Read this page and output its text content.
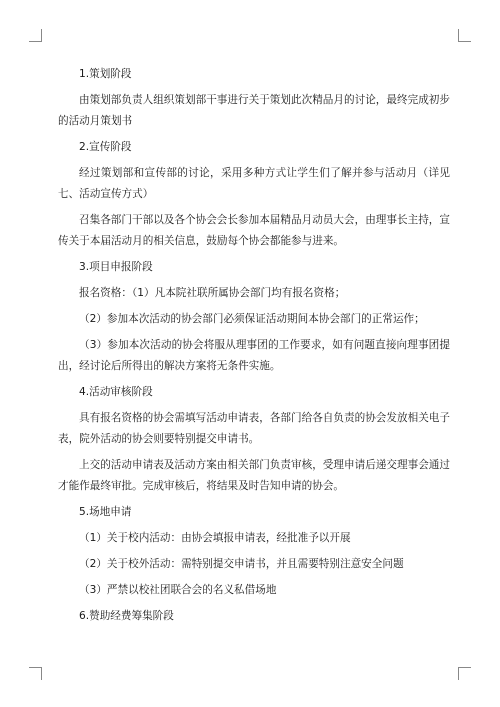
1.策划阶段

由策划部负责人组织策划部干事进行关于策划此次精品月的讨论，最终完成初步的活动月策划书

2.宣传阶段

经过策划部和宣传部的讨论，采用多种方式让学生们了解并参与活动月（详见七、活动宣传方式）

召集各部门干部以及各个协会会长参加本届精品月动员大会，由理事长主持，宣传关于本届活动月的相关信息，鼓励每个协会都能参与进来。

3.项目申报阶段

报名资格：（1）凡本院社联所属协会部门均有报名资格；

（2）参加本次活动的协会部门必须保证活动期间本协会部门的正常运作；

（3）参加本次活动的协会将服从理事团的工作要求，如有问题直接向理事团提出，经讨论后所得出的解决方案将无条件实施。

4.活动审核阶段

具有报名资格的协会需填写活动申请表，各部门给各自负责的协会发放相关电子表，院外活动的协会则要特别提交申请书。

上交的活动申请表及活动方案由相关部门负责审核，受理申请后递交理事会通过才能作最终审批。完成审核后，将结果及时告知申请的协会。

5.场地申请

（1）关于校内活动：由协会填报申请表，经批准予以开展

（2）关于校外活动：需特别提交申请书，并且需要特别注意安全问题

（3）严禁以校社团联合会的名义私借场地

6.赞助经费筹集阶段
